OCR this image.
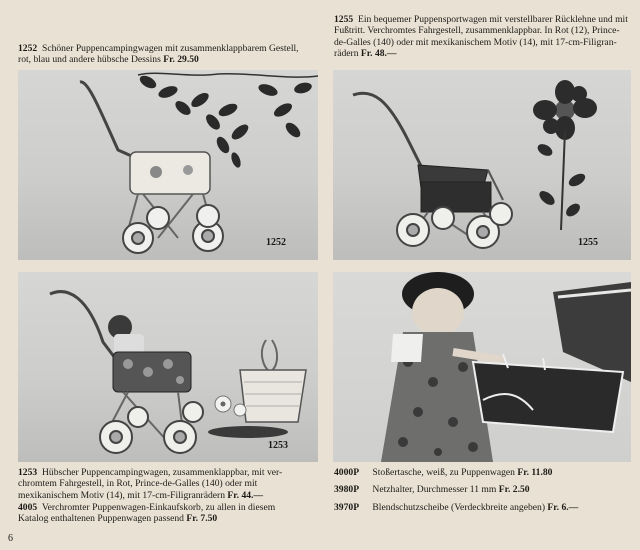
1252 Schöner Puppencampingwagen mit zusammenklappbarem Gestell,
rot, blau und andere hübsche Dessins Fr. 29.50
1255 Ein bequemer Puppensportwagen mit verstellbarer Rücklehne und mit
Fußtritt. Verchromtes Fahrgestell, zusammenklappbar. In Rot (12), Prince-
de-Galles (140) oder mit mexikanischem Motiv (14), mit 17-cm-Filigran-
rädern Fr. 48.—
1252	1255
1253
1253 Hübscher Puppencampingwagen, zusammenklappbar, mit ver-
chromtem Fahrgestell, in Rot, Prince-de-Galles (140) oder mit
mexikanischem Motiv (14), mit 17-cm-Filigranrädern Fr. 44.—
4005 Verchromter Puppenwagen-Einkaufskorb, zu allen in diesem
Katalog enthaltenen Puppenwagen passend Fr. 7.50
4000P Stoßertasche, weiß, zu Puppenwagen Fr. 11.80
3980P Netzhalter, Durchmesser 11 mm Fr. 2.50
3970P Blendschutzscheibe (Verdeckbreite angeben) Fr. 6.—
6
